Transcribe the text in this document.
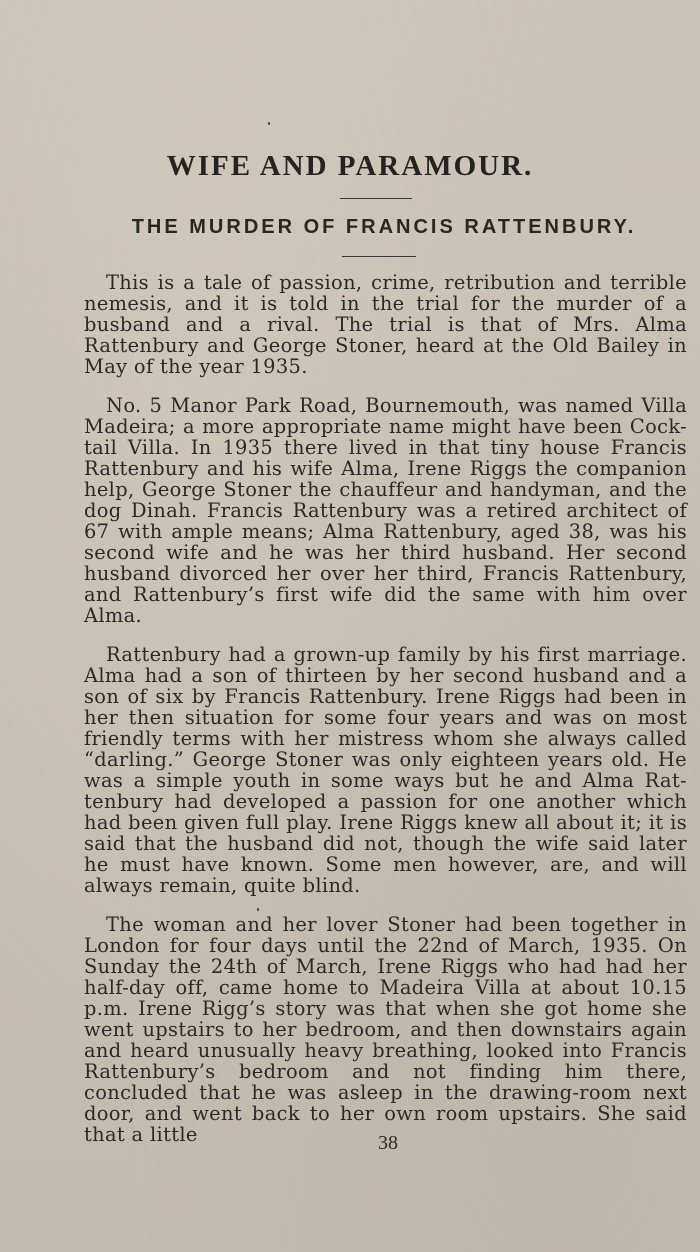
WIFE AND PARAMOUR.
THE MURDER OF FRANCIS RATTENBURY.

This is a tale of passion, crime, retribution and terrible nemesis, and it is told in the trial for the murder of a busband and a rival. The trial is that of Mrs. Alma Rattenbury and George Stoner, heard at the Old Bailey in May of the year 1935.

No. 5 Manor Park Road, Bournemouth, was named Villa Madeira; a more appropriate name might have been Cock-tail Villa. In 1935 there lived in that tiny house Francis Rattenbury and his wife Alma, Irene Riggs the companion help, George Stoner the chauffeur and handyman, and the dog Dinah. Francis Rattenbury was a retired architect of 67 with ample means; Alma Rattenbury, aged 38, was his second wife and he was her third husband. Her second husband divorced her over her third, Francis Rattenbury, and Rattenbury’s first wife did the same with him over Alma.

Rattenbury had a grown-up family by his first marriage. Alma had a son of thirteen by her second husband and a son of six by Francis Rattenbury. Irene Riggs had been in her then situation for some four years and was on most friendly terms with her mistress whom she always called “darling.” George Stoner was only eighteen years old. He was a simple youth in some ways but he and Alma Rat-tenbury had developed a passion for one another which had been given full play. Irene Riggs knew all about it; it is said that the husband did not, though the wife said later he must have known. Some men however, are, and will always remain, quite blind.

The woman and her lover Stoner had been together in London for four days until the 22nd of March, 1935. On Sunday the 24th of March, Irene Riggs who had had her half-day off, came home to Madeira Villa at about 10.15 p.m. Irene Rigg’s story was that when she got home she went upstairs to her bedroom, and then downstairs again and heard unusually heavy breathing, looked into Francis Rattenbury’s bedroom and not finding him there, concluded that he was asleep in the drawing-room next door, and went back to her own room upstairs. She said that a little	38
